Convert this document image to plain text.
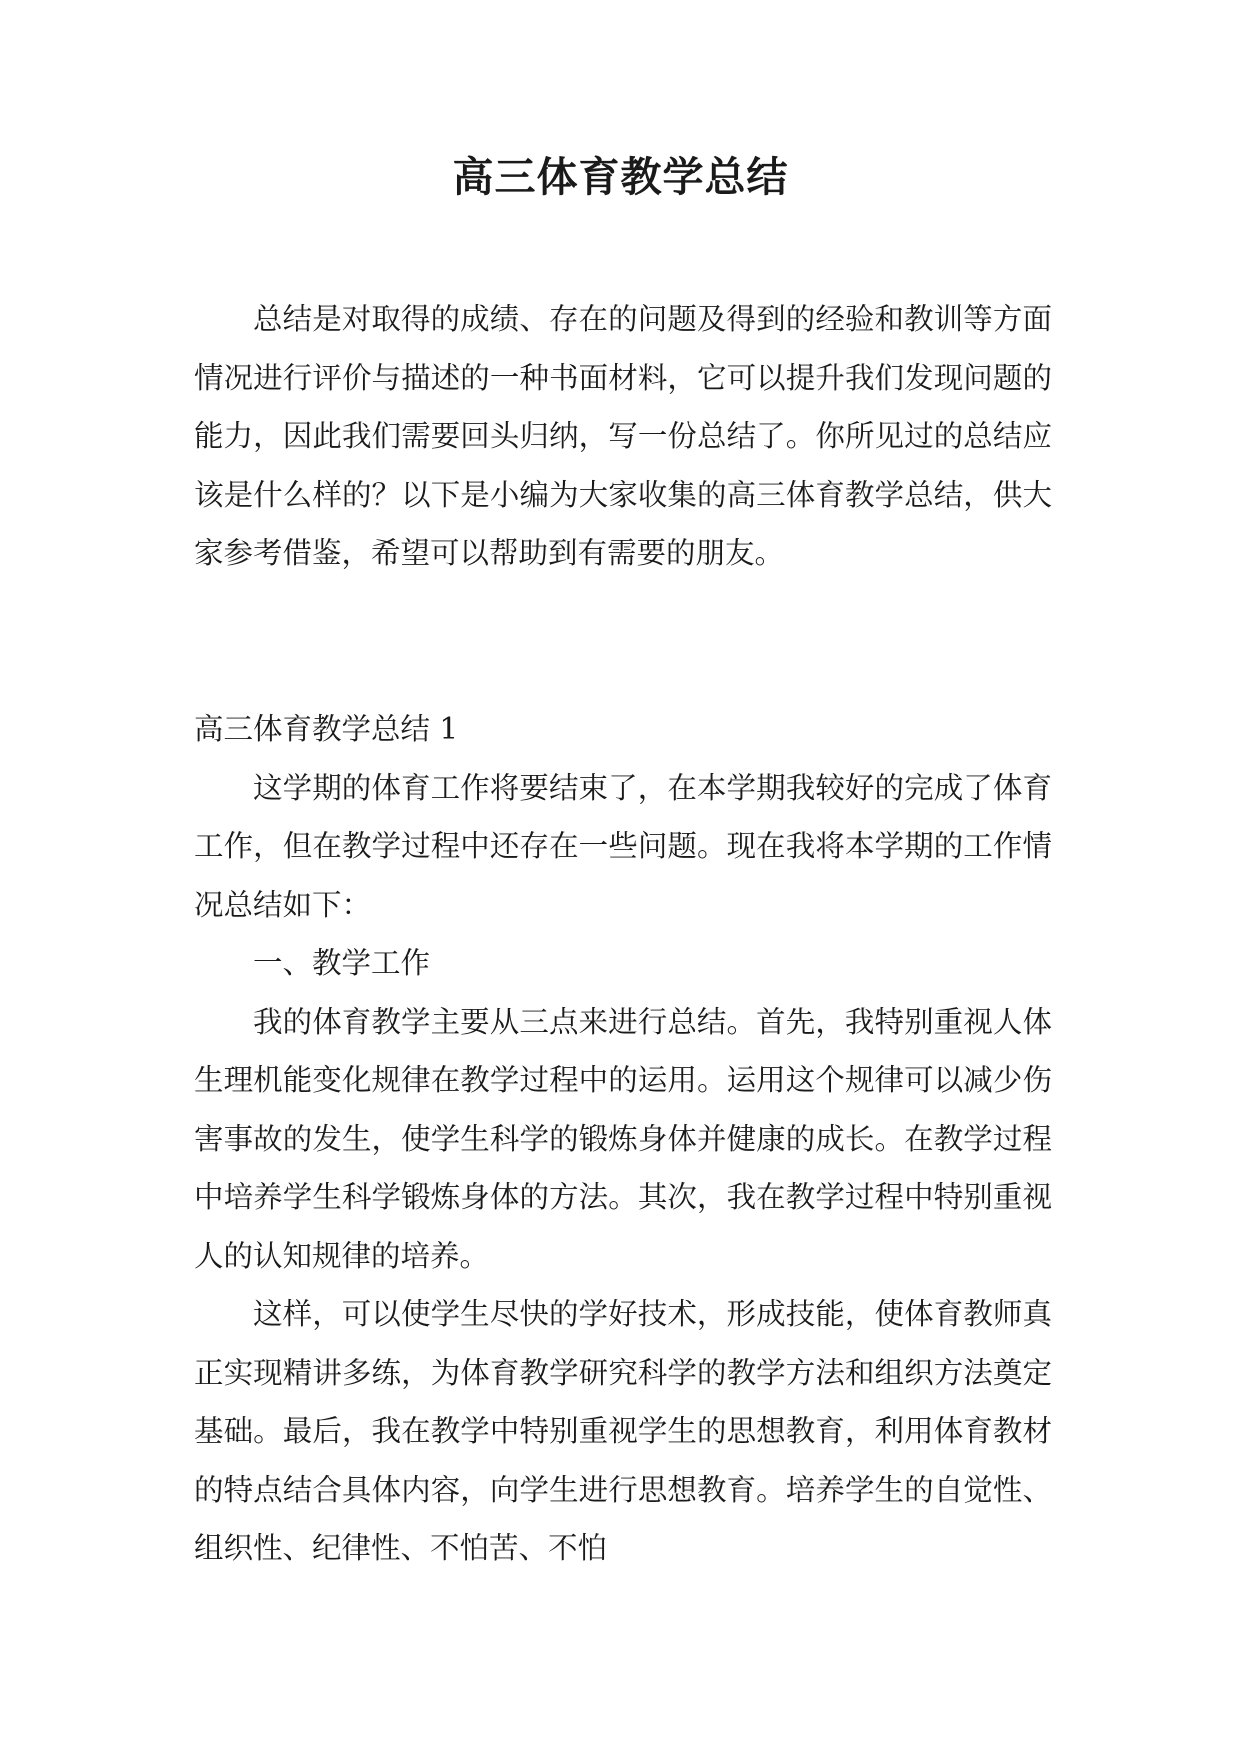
高三体育教学总结

总结是对取得的成绩、存在的问题及得到的经验和教训等方面情况进行评价与描述的一种书面材料，它可以提升我们发现问题的能力，因此我们需要回头归纳，写一份总结了。你所见过的总结应该是什么样的？以下是小编为大家收集的高三体育教学总结，供大家参考借鉴，希望可以帮助到有需要的朋友。

高三体育教学总结 1

这学期的体育工作将要结束了，在本学期我较好的完成了体育工作，但在教学过程中还存在一些问题。现在我将本学期的工作情况总结如下：

一、教学工作

我的体育教学主要从三点来进行总结。首先，我特别重视人体生理机能变化规律在教学过程中的运用。运用这个规律可以减少伤害事故的发生，使学生科学的锻炼身体并健康的成长。在教学过程中培养学生科学锻炼身体的方法。其次，我在教学过程中特别重视人的认知规律的培养。

这样，可以使学生尽快的学好技术，形成技能，使体育教师真正实现精讲多练，为体育教学研究科学的教学方法和组织方法奠定基础。最后，我在教学中特别重视学生的思想教育，利用体育教材的特点结合具体内容，向学生进行思想教育。培养学生的自觉性、组织性、纪律性、不怕苦、不怕
